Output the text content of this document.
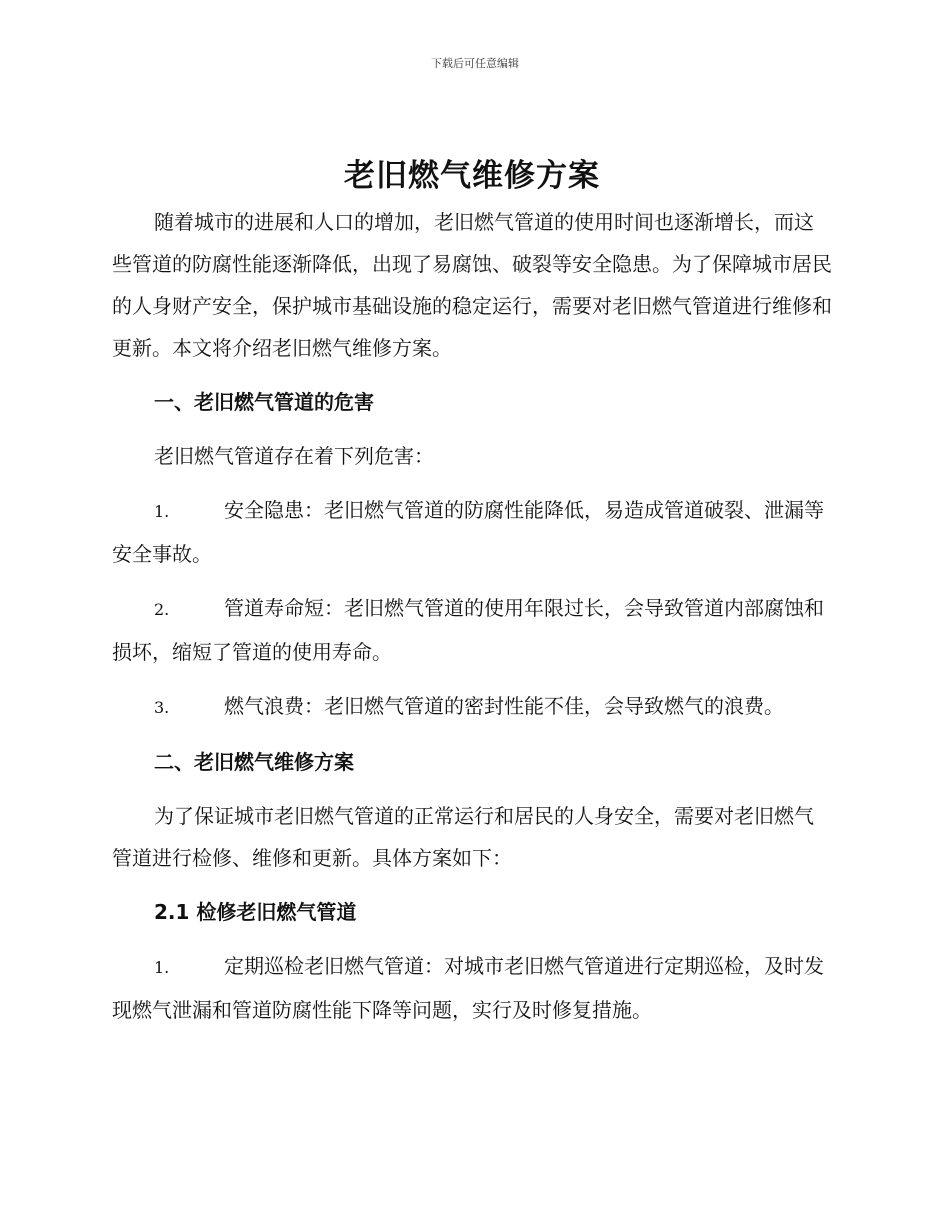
下载后可任意编辑
老旧燃气维修方案

随着城市的进展和人口的增加，老旧燃气管道的使用时间也逐渐增长，而这些管道的防腐性能逐渐降低，出现了易腐蚀、破裂等安全隐患。为了保障城市居民的人身财产安全，保护城市基础设施的稳定运行，需要对老旧燃气管道进行维修和更新。本文将介绍老旧燃气维修方案。

一、老旧燃气管道的危害

老旧燃气管道存在着下列危害：

1.	安全隐患：老旧燃气管道的防腐性能降低，易造成管道破裂、泄漏等安全事故。

2.	管道寿命短：老旧燃气管道的使用年限过长，会导致管道内部腐蚀和损坏，缩短了管道的使用寿命。

3.	燃气浪费：老旧燃气管道的密封性能不佳，会导致燃气的浪费。

二、老旧燃气维修方案

为了保证城市老旧燃气管道的正常运行和居民的人身安全，需要对老旧燃气管道进行检修、维修和更新。具体方案如下：

2.1 检修老旧燃气管道

1.	定期巡检老旧燃气管道：对城市老旧燃气管道进行定期巡检，及时发现燃气泄漏和管道防腐性能下降等问题，实行及时修复措施。
